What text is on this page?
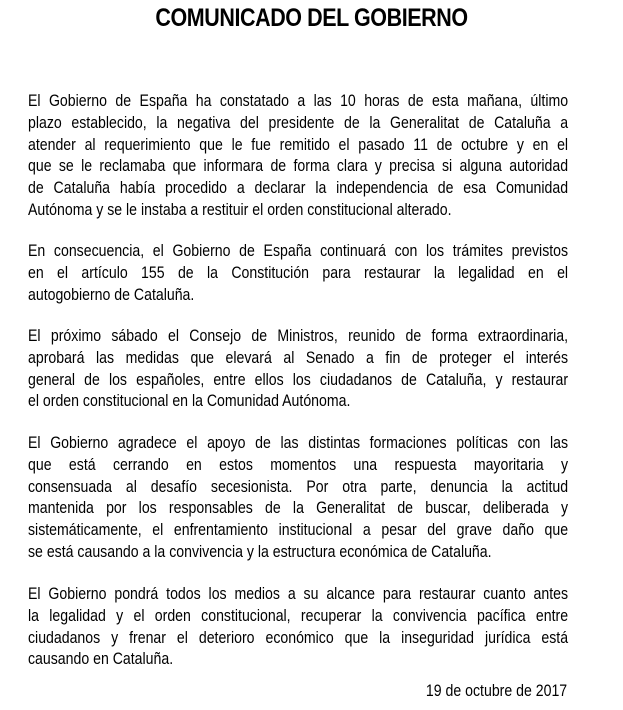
COMUNICADO DEL GOBIERNO
El Gobierno de España ha constatado a las 10 horas de esta mañana, último
plazo establecido, la negativa del presidente de la Generalitat de Cataluña a
atender al requerimiento que le fue remitido el pasado 11 de octubre y en el
que se le reclamaba que informara de forma clara y precisa si alguna autoridad
de Cataluña había procedido a declarar la independencia de esa Comunidad
Autónoma y se le instaba a restituir el orden constitucional alterado.
En consecuencia, el Gobierno de España continuará con los trámites previstos
en el artículo 155 de la Constitución para restaurar la legalidad en el
autogobierno de Cataluña.
El próximo sábado el Consejo de Ministros, reunido de forma extraordinaria,
aprobará las medidas que elevará al Senado a fin de proteger el interés
general de los españoles, entre ellos los ciudadanos de Cataluña, y restaurar
el orden constitucional en la Comunidad Autónoma.
El Gobierno agradece el apoyo de las distintas formaciones políticas con las
que está cerrando en estos momentos una respuesta mayoritaria y
consensuada al desafío secesionista. Por otra parte, denuncia la actitud
mantenida por los responsables de la Generalitat de buscar, deliberada y
sistemáticamente, el enfrentamiento institucional a pesar del grave daño que
se está causando a la convivencia y la estructura económica de Cataluña.
El Gobierno pondrá todos los medios a su alcance para restaurar cuanto antes
la legalidad y el orden constitucional, recuperar la convivencia pacífica entre
ciudadanos y frenar el deterioro económico que la inseguridad jurídica está
causando en Cataluña.
19 de octubre de 2017
